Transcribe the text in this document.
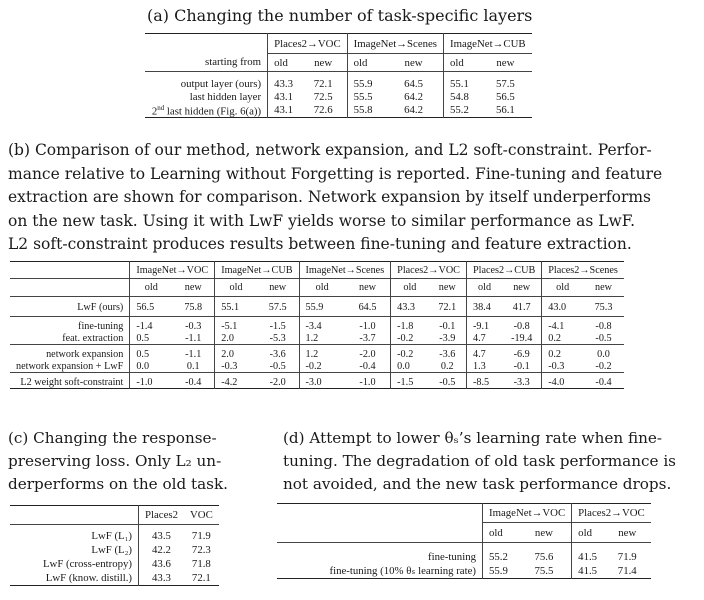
(a) Changing the number of task-specific layers
	Places2→VOC		ImageNet→Scenes		ImageNet→CUB	
starting from	old	new	old	new	old	new

output layer (ours)	43.3	72.1	55.9	64.5	55.1	57.5
last hidden layer	43.1	72.5	55.5	64.2	54.8	56.5
2nd last hidden (Fig. 6(a))	43.1	72.6	55.8	64.2	55.2	56.1
(b) Comparison of our method, network expansion, and L2 soft-constraint. Perfor-
mance relative to Learning without Forgetting is reported. Fine-tuning and feature
extraction are shown for comparison. Network expansion by itself underperforms
on the new task. Using it with LwF yields worse to similar performance as LwF.
L2 soft-constraint produces results between fine-tuning and feature extraction.
	ImageNet→VOC		ImageNet→CUB		ImageNet→Scenes		Places2→VOC		Places2→CUB		Places2→Scenes	
	old	new	old	new	old	new	old	new	old	new	old	new

LwF (ours)	56.5	75.8	55.1	57.5	55.9	64.5	43.3	72.1	38.4	41.7	43.0	75.3

fine-tuning	-1.4	-0.3	-5.1	-1.5	-3.4	-1.0	-1.8	-0.1	-9.1	-0.8	-4.1	-0.8
feat. extraction	0.5	-1.1	2.0	-5.3	1.2	-3.7	-0.2	-3.9	4.7	-19.4	0.2	-0.5

network expansion	0.5	-1.1	2.0	-3.6	1.2	-2.0	-0.2	-3.6	4.7	-6.9	0.2	0.0
network expansion + LwF	0.0	0.1	-0.3	-0.5	-0.2	-0.4	0.0	0.2	1.3	-0.1	-0.3	-0.2

L2 weight soft-constraint	-1.0	-0.4	-4.2	-2.0	-3.0	-1.0	-1.5	-0.5	-8.5	-3.3	-4.0	-0.4
(c) Changing the response-
preserving loss. Only L₂ un-
derperforms on the old task.
	Places2	VOC

LwF (L₁)	43.5	71.9
LwF (L₂)	42.2	72.3
LwF (cross-entropy)	43.6	71.8
LwF (know. distill.)	43.3	72.1
(d) Attempt to lower θₛ’s learning rate when fine-
tuning. The degradation of old task performance is
not avoided, and the new task performance drops.
	ImageNet→VOC		Places2→VOC	
	old	new	old	new

fine-tuning	55.2	75.6	41.5	71.9
fine-tuning (10% θₛ learning rate)	55.9	75.5	41.5	71.4
